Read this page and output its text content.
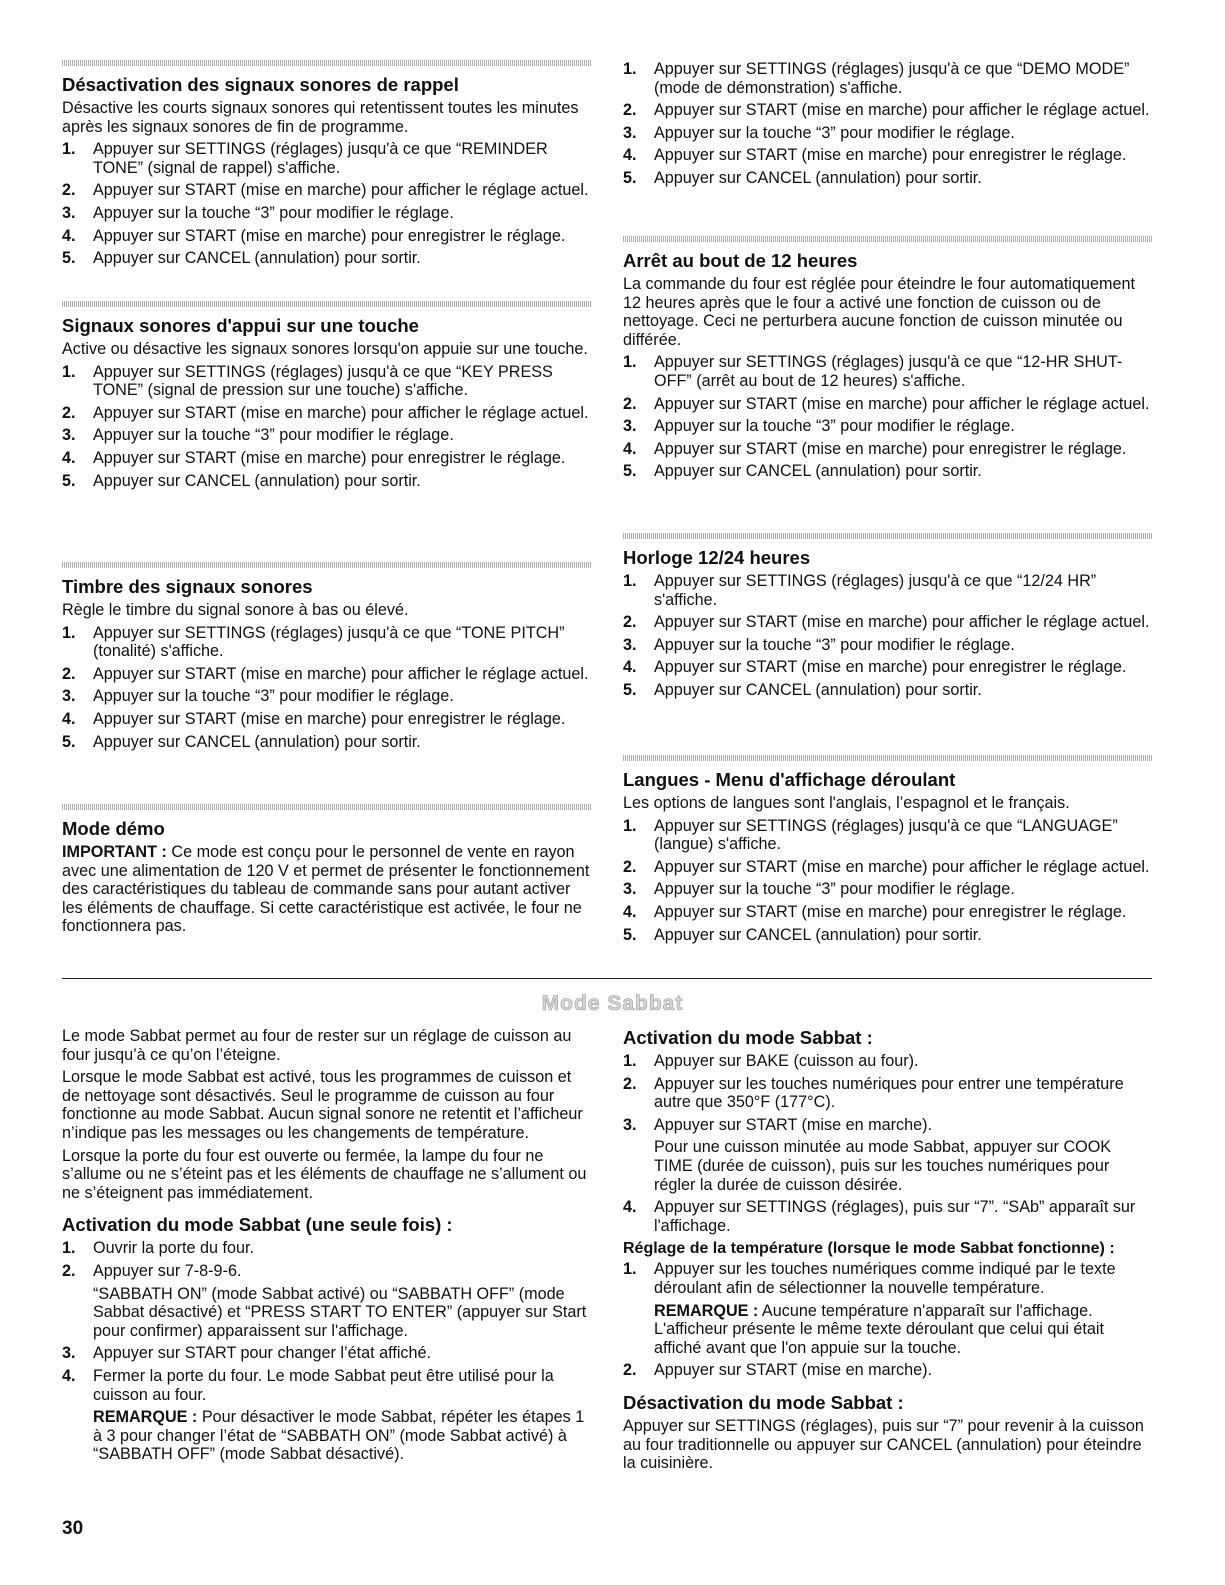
Désactivation des signaux sonores de rappel

Désactive les courts signaux sonores qui retentissent toutes les minutes après les signaux sonores de fin de programme.

1. Appuyer sur SETTINGS (réglages) jusqu'à ce que “REMINDER TONE” (signal de rappel) s'affiche.
2. Appuyer sur START (mise en marche) pour afficher le réglage actuel.
3. Appuyer sur la touche “3” pour modifier le réglage.
4. Appuyer sur START (mise en marche) pour enregistrer le réglage.
5. Appuyer sur CANCEL (annulation) pour sortir.
Signaux sonores d'appui sur une touche

Active ou désactive les signaux sonores lorsqu'on appuie sur une touche.

1. Appuyer sur SETTINGS (réglages) jusqu'à ce que “KEY PRESS TONE” (signal de pression sur une touche) s'affiche.
2. Appuyer sur START (mise en marche) pour afficher le réglage actuel.
3. Appuyer sur la touche “3” pour modifier le réglage.
4. Appuyer sur START (mise en marche) pour enregistrer le réglage.
5. Appuyer sur CANCEL (annulation) pour sortir.
Timbre des signaux sonores

Règle le timbre du signal sonore à bas ou élevé.

1. Appuyer sur SETTINGS (réglages) jusqu'à ce que “TONE PITCH” (tonalité) s'affiche.
2. Appuyer sur START (mise en marche) pour afficher le réglage actuel.
3. Appuyer sur la touche “3” pour modifier le réglage.
4. Appuyer sur START (mise en marche) pour enregistrer le réglage.
5. Appuyer sur CANCEL (annulation) pour sortir.
Mode démo

IMPORTANT : Ce mode est conçu pour le personnel de vente en rayon avec une alimentation de 120 V et permet de présenter le fonctionnement des caractéristiques du tableau de commande sans pour autant activer les éléments de chauffage. Si cette caractéristique est activée, le four ne fonctionnera pas.

1. Appuyer sur SETTINGS (réglages) jusqu'à ce que “DEMO MODE” (mode de démonstration) s'affiche.
2. Appuyer sur START (mise en marche) pour afficher le réglage actuel.
3. Appuyer sur la touche “3” pour modifier le réglage.
4. Appuyer sur START (mise en marche) pour enregistrer le réglage.
5. Appuyer sur CANCEL (annulation) pour sortir.
Arrêt au bout de 12 heures

La commande du four est réglée pour éteindre le four automatiquement 12 heures après que le four a activé une fonction de cuisson ou de nettoyage. Ceci ne perturbera aucune fonction de cuisson minutée ou différée.

1. Appuyer sur SETTINGS (réglages) jusqu'à ce que “12-HR SHUT-OFF” (arrêt au bout de 12 heures) s'affiche.
2. Appuyer sur START (mise en marche) pour afficher le réglage actuel.
3. Appuyer sur la touche “3” pour modifier le réglage.
4. Appuyer sur START (mise en marche) pour enregistrer le réglage.
5. Appuyer sur CANCEL (annulation) pour sortir.
Horloge 12/24 heures
1. Appuyer sur SETTINGS (réglages) jusqu'à ce que “12/24 HR” s'affiche.
2. Appuyer sur START (mise en marche) pour afficher le réglage actuel.
3. Appuyer sur la touche “3” pour modifier le réglage.
4. Appuyer sur START (mise en marche) pour enregistrer le réglage.
5. Appuyer sur CANCEL (annulation) pour sortir.
Langues - Menu d'affichage déroulant

Les options de langues sont l'anglais, l’espagnol et le français.

1. Appuyer sur SETTINGS (réglages) jusqu'à ce que “LANGUAGE” (langue) s'affiche.
2. Appuyer sur START (mise en marche) pour afficher le réglage actuel.
3. Appuyer sur la touche “3” pour modifier le réglage.
4. Appuyer sur START (mise en marche) pour enregistrer le réglage.
5. Appuyer sur CANCEL (annulation) pour sortir.
Mode Sabbat

Le mode Sabbat permet au four de rester sur un réglage de cuisson au four jusqu’à ce qu’on l’éteigne.

Lorsque le mode Sabbat est activé, tous les programmes de cuisson et de nettoyage sont désactivés. Seul le programme de cuisson au four fonctionne au mode Sabbat. Aucun signal sonore ne retentit et l’afficheur n’indique pas les messages ou les changements de température.

Lorsque la porte du four est ouverte ou fermée, la lampe du four ne s’allume ou ne s’éteint pas et les éléments de chauffage ne s’allument ou ne s’éteignent pas immédiatement.

Activation du mode Sabbat (une seule fois) :
1. Ouvrir la porte du four.
2. Appuyer sur 7-8-9-6.
“SABBATH ON” (mode Sabbat activé) ou “SABBATH OFF” (mode Sabbat désactivé) et “PRESS START TO ENTER” (appuyer sur Start pour confirmer) apparaissent sur l'affichage.
3. Appuyer sur START pour changer l’état affiché.
4. Fermer la porte du four. Le mode Sabbat peut être utilisé pour la cuisson au four.
REMARQUE : Pour désactiver le mode Sabbat, répéter les étapes 1 à 3 pour changer l’état de “SABBATH ON” (mode Sabbat activé) à “SABBATH OFF” (mode Sabbat désactivé).
Activation du mode Sabbat :
1. Appuyer sur BAKE (cuisson au four).
2. Appuyer sur les touches numériques pour entrer une température autre que 350°F (177°C).
3. Appuyer sur START (mise en marche).
Pour une cuisson minutée au mode Sabbat, appuyer sur COOK TIME (durée de cuisson), puis sur les touches numériques pour régler la durée de cuisson désirée.
4. Appuyer sur SETTINGS (réglages), puis sur “7”. “SAb” apparaît sur l'affichage.
Réglage de la température (lorsque le mode Sabbat fonctionne) :
1. Appuyer sur les touches numériques comme indiqué par le texte déroulant afin de sélectionner la nouvelle température.
REMARQUE : Aucune température n'apparaît sur l'affichage. L'afficheur présente le même texte déroulant que celui qui était affiché avant que l'on appuie sur la touche.
2. Appuyer sur START (mise en marche).
Désactivation du mode Sabbat :

Appuyer sur SETTINGS (réglages), puis sur “7” pour revenir à la cuisson au four traditionnelle ou appuyer sur CANCEL (annulation) pour éteindre la cuisinière.

30
